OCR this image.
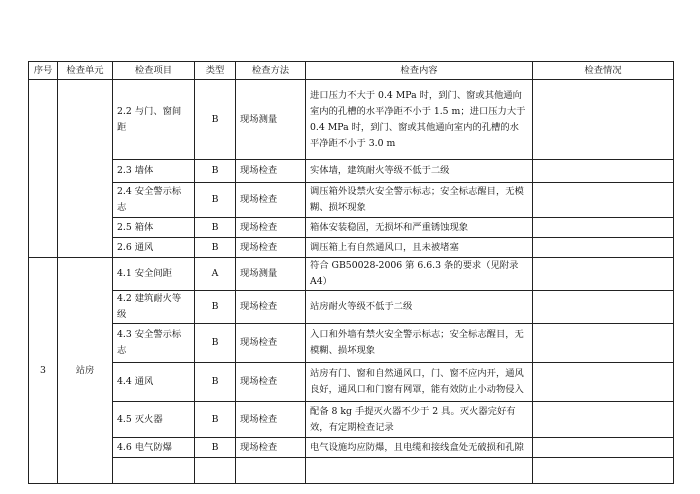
序号	检查单元	检查项目	类型	检查方法	检查内容	检查情况
		2.2 与门、窗间距	B	现场测量	进口压力不大于 0.4 MPa 时，到门、窗或其他通向室内的孔槽的水平净距不小于 1.5 m；进口压力大于 0.4 MPa 时，到门、窗或其他通向室内的孔槽的水平净距不小于 3.0 m	
		2.3 墙体	B	现场检查	实体墙，建筑耐火等级不低于二级	
		2.4 安全警示标志	B	现场检查	调压箱外设禁火安全警示标志；安全标志醒目，无模糊、损坏现象	
		2.5 箱体	B	现场检查	箱体安装稳固，无损坏和严重锈蚀现象	
		2.6 通风	B	现场检查	调压箱上有自然通风口，且未被堵塞	
3	站房	4.1 安全间距	A	现场测量	符合 GB50028-2006 第 6.6.3 条的要求（见附录 A4）	
		4.2 建筑耐火等级	B	现场检查	站房耐火等级不低于二级	
		4.3 安全警示标志	B	现场检查	入口和外墙有禁火安全警示标志；安全标志醒目，无模糊、损坏现象	
		4.4 通风	B	现场检查	站房有门、窗和自然通风口，门、窗不应内开，通风良好，通风口和门窗有网罩，能有效防止小动物侵入	
		4.5 灭火器	B	现场检查	配备 8 kg 手提灭火器不少于 2 具。灭火器完好有效，有定期检查记录	
		4.6 电气防爆	B	现场检查	电气设施均应防爆，且电缆和接线盒处无破损和孔隙	
